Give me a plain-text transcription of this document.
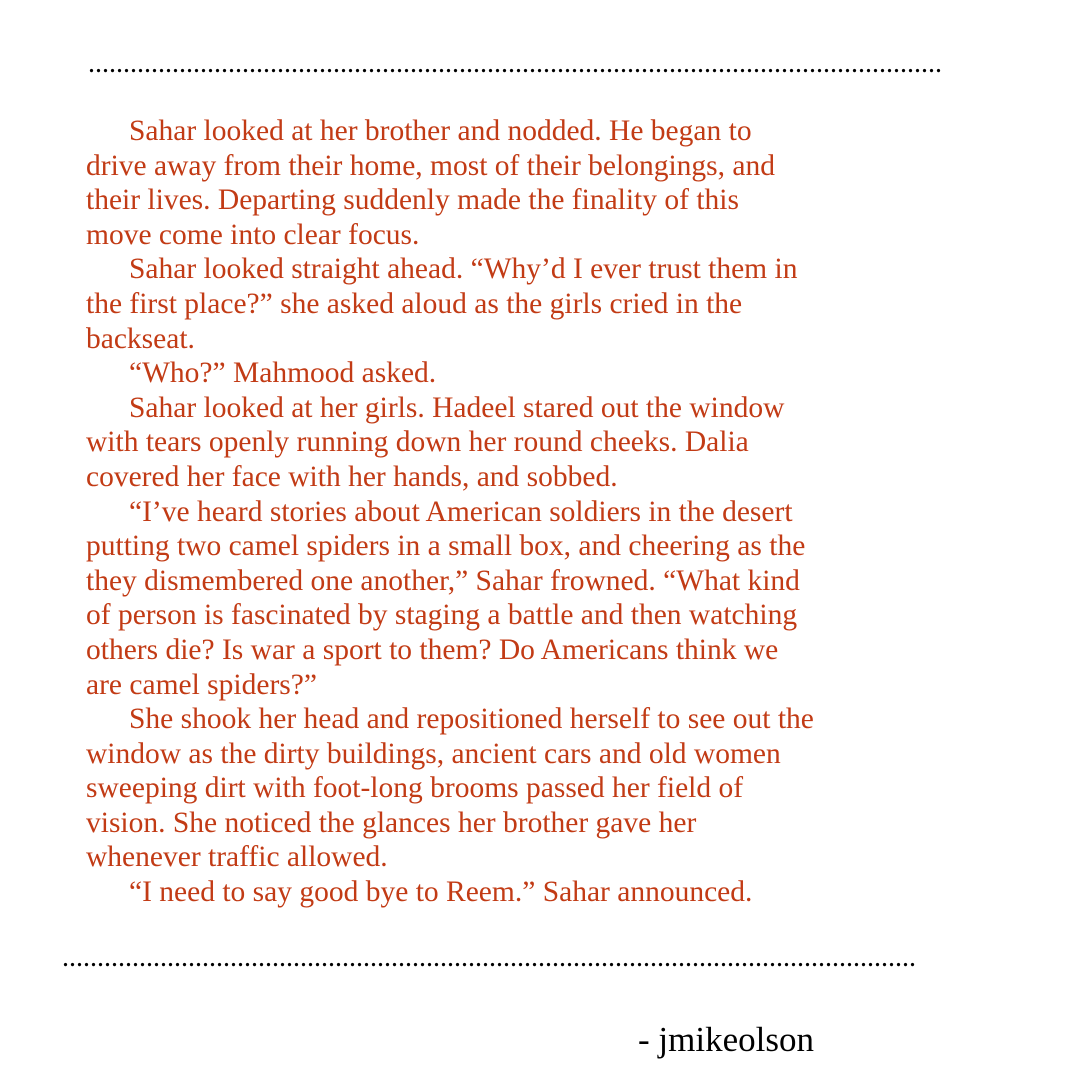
..........................................................................................................................

Sahar looked at her brother and nodded. He began to
drive away from their home, most of their belongings, and
their lives. Departing suddenly made the finality of this
move come into clear focus.

Sahar looked straight ahead. “Why’d I ever trust them in
the first place?” she asked aloud as the girls cried in the
backseat.

“Who?” Mahmood asked.

Sahar looked at her girls. Hadeel stared out the window
with tears openly running down her round cheeks. Dalia
covered her face with her hands, and sobbed.

“I’ve heard stories about American soldiers in the desert
putting two camel spiders in a small box, and cheering as the
they dismembered one another,” Sahar frowned. “What kind
of person is fascinated by staging a battle and then watching
others die? Is war a sport to them? Do Americans think we
are camel spiders?”

She shook her head and repositioned herself to see out the
window as the dirty buildings, ancient cars and old women
sweeping dirt with foot-long brooms passed her field of
vision. She noticed the glances her brother gave her
whenever traffic allowed.

“I need to say good bye to Reem.” Sahar announced.

..........................................................................................................................
- jmikeolson
